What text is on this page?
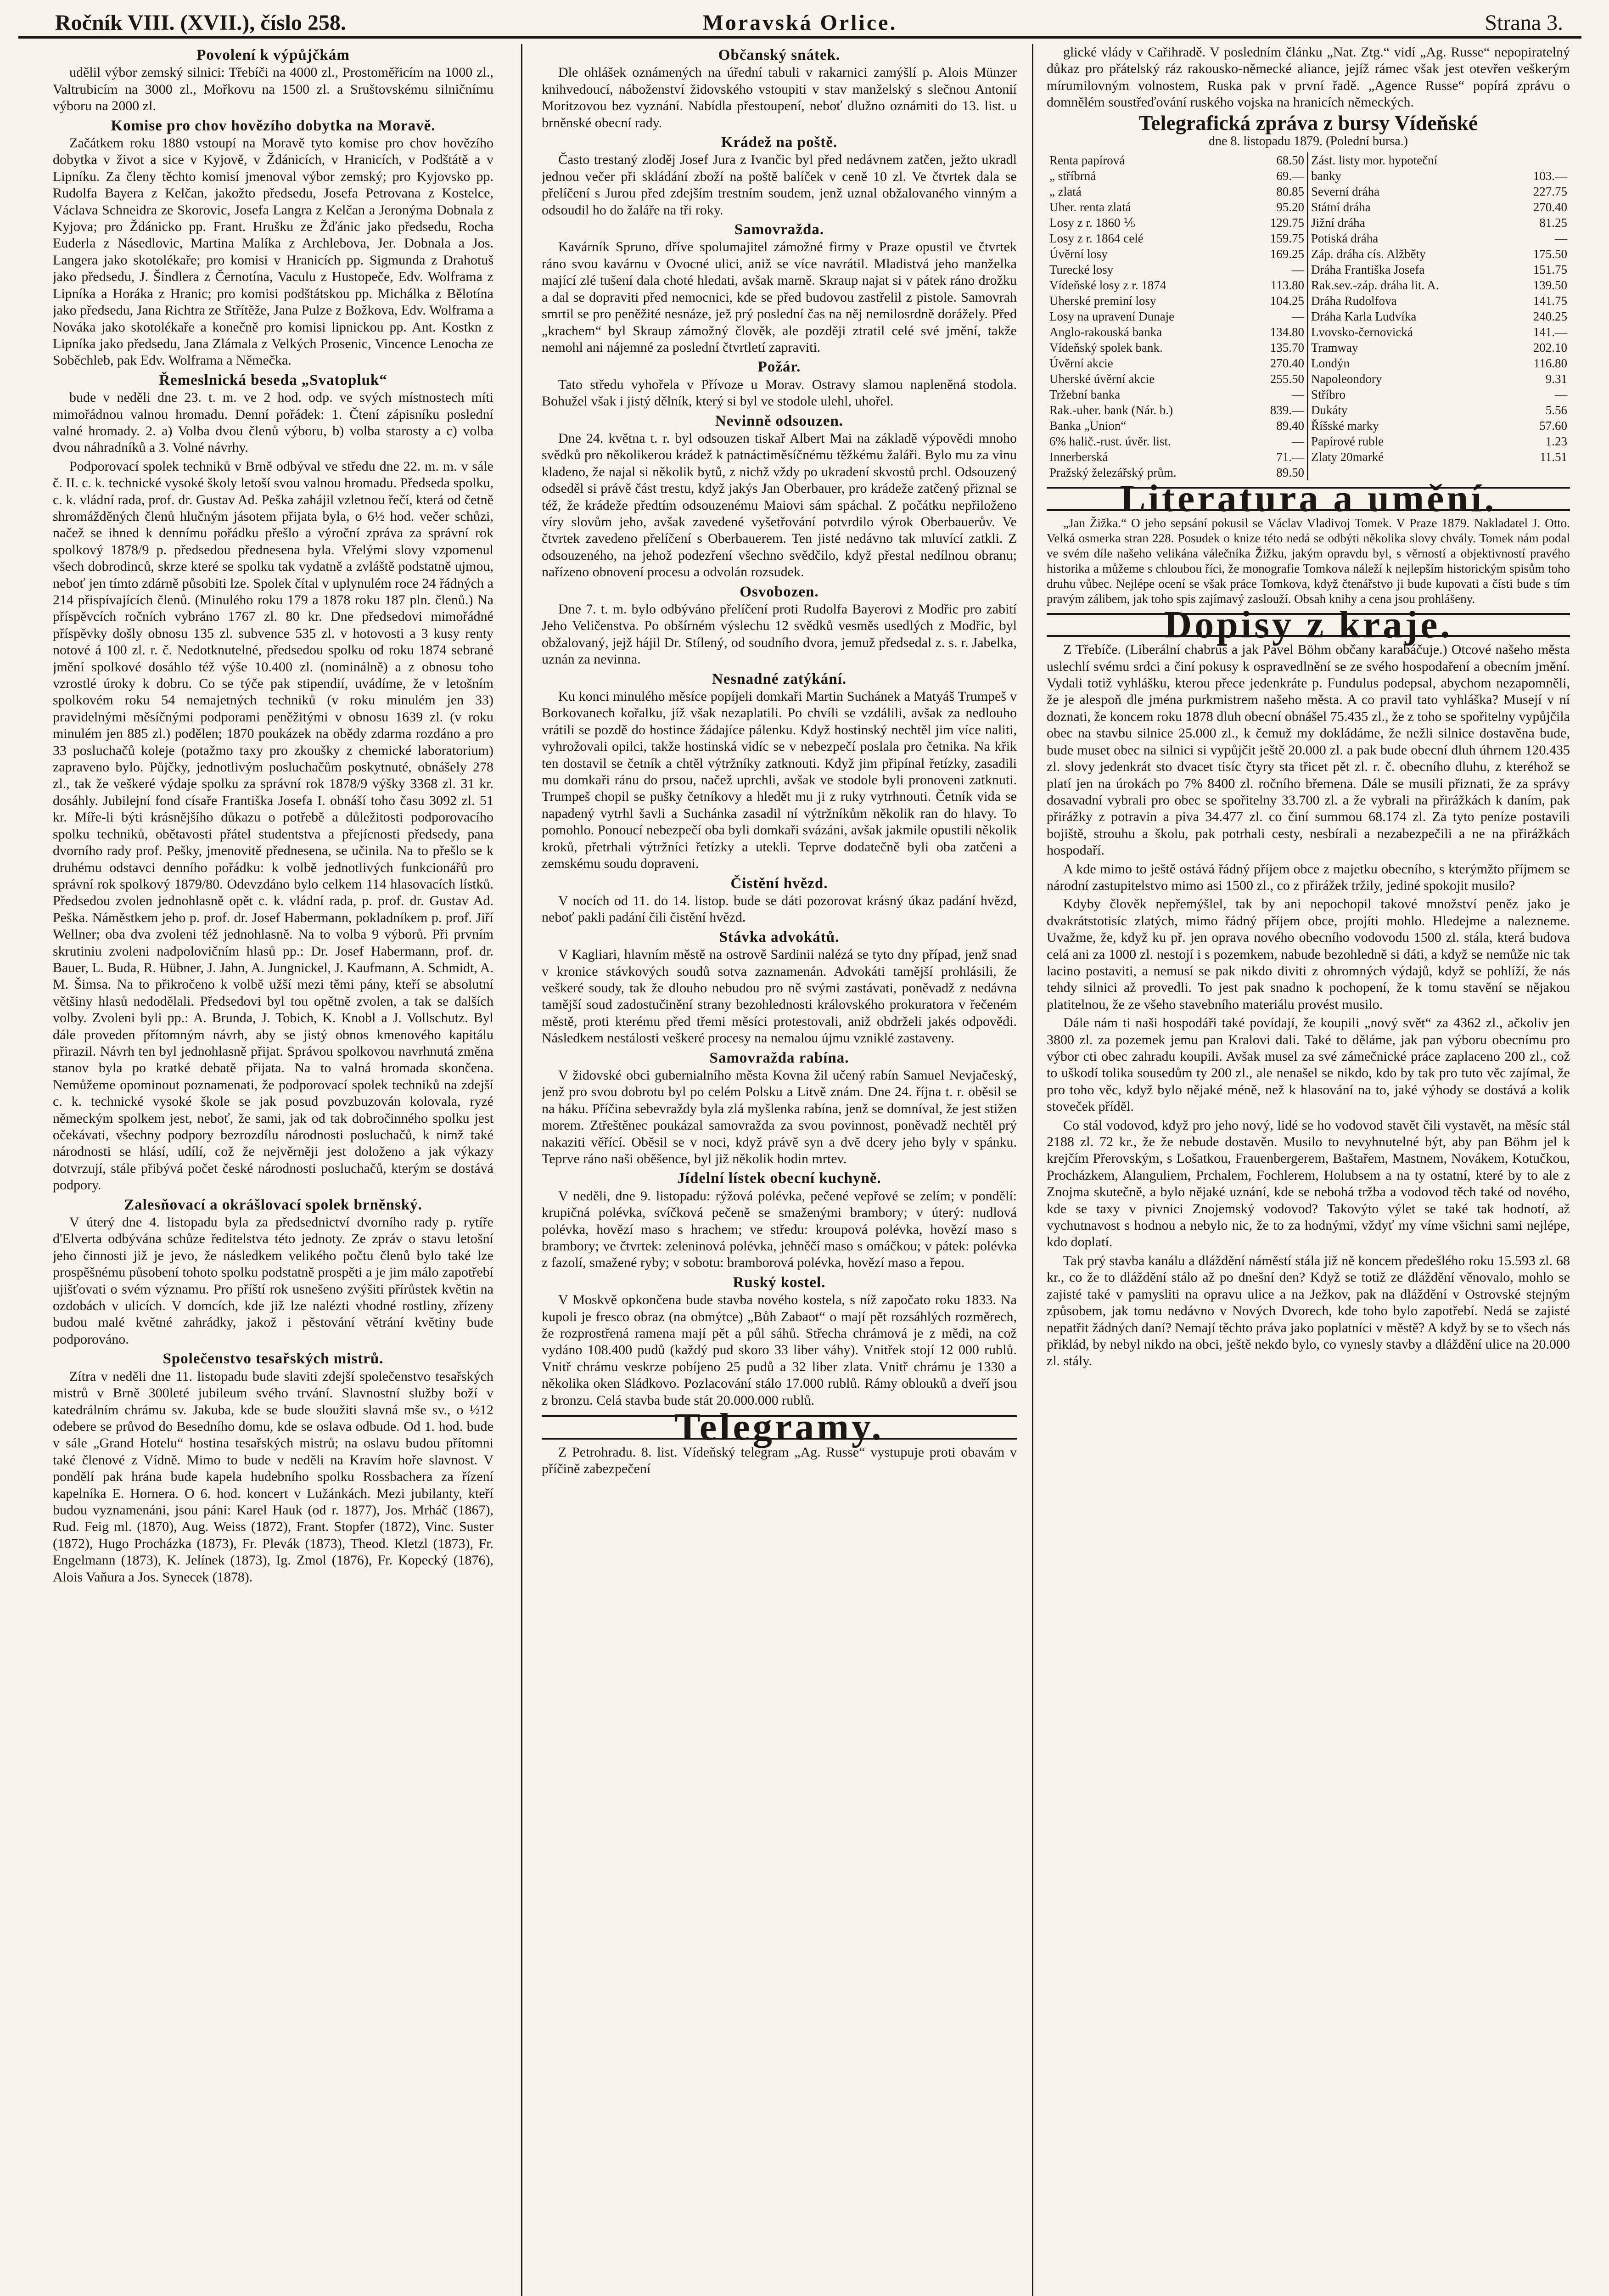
Ročník VIII. (XVII.), číslo 258.	Moravská Orlice.	Strana 3.
Povolení k výpůjčkám

udělil výbor zemský silnici: Třebíči na 4000 zl., Prostoměřicím na 1000 zl., Valtrubicím na 3000 zl., Mořkovu na 1500 zl. a Sruštovskému silničnímu výboru na 2000 zl.

Komise pro chov hovězího dobytka na Moravě.

Začátkem roku 1880 vstoupí na Moravě tyto komise pro chov hovězího dobytka v život a sice v Kyjově, v Ždánicích, v Hranicích, v Podštátě a v Lipníku. Za členy těchto komisí jmenoval výbor zemský; pro Kyjovsko pp. Rudolfa Bayera z Kelčan, jakožto předsedu, Josefa Petrovana z Kostelce, Václava Schneidra ze Skorovic, Josefa Langra z Kelčan a Jeronýma Dobnala z Kyjova; pro Ždánicko pp. Frant. Hrušku ze Žďánic jako předsedu, Rocha Euderla z Násedlovic, Martina Malíka z Archlebova, Jer. Dobnala a Jos. Langera jako skotolékaře; pro komisi v Hranicích pp. Sigmunda z Drahotuš jako předsedu, J. Šindlera z Černotína, Vaculu z Hustopeče, Edv. Wolframa z Lipníka a Horáka z Hranic; pro komisi podštátskou pp. Michálka z Bělotína jako předsedu, Jana Richtra ze Střítěže, Jana Pulze z Božkova, Edv. Wolframa a Nováka jako skotolékaře a konečně pro komisi lipnickou pp. Ant. Kostkn z Lipníka jako předsedu, Jana Zlámala z Velkých Prosenic, Vincence Lenocha ze Soběchleb, pak Edv. Wolframa a Němečka.

Řemeslnická beseda „Svatopluk“

bude v neděli dne 23. t. m. ve 2 hod. odp. ve svých místnostech míti mimořádnou valnou hromadu. Denní pořádek: 1. Čtení zápisníku poslední valné hromady. 2. a) Volba dvou členů výboru, b) volba starosty a c) volba dvou náhradníků a 3. Volné návrhy.

Podporovací spolek techniků v Brně odbýval ve středu dne 22. m. m. v sále č. II. c. k. technické vysoké školy letoší svou valnou hromadu. Předseda spolku, c. k. vládní rada, prof. dr. Gustav Ad. Peška zahájil vzletnou řečí, která od četně shromážděných členů hlučným jásotem přijata byla, o 6½ hod. večer schůzi, načež se ihned k dennímu pořádku přešlo a výroční zpráva za správní rok spolkový 1878/9 p. předsedou přednesena byla. Vřelými slovy vzpomenul všech dobrodinců, skrze které se spolku tak vydatně a zvláště podstatně ujmou, neboť jen tímto zdárně působiti lze. Spolek čítal v uplynulém roce 24 řádných a 214 přispívajících členů. (Minulého roku 179 a 1878 roku 187 pln. členů.) Na příspěvcích ročních vybráno 1767 zl. 80 kr. Dne předsedovi mimořádné příspěvky došly obnosu 135 zl. subvence 535 zl. v hotovosti a 3 kusy renty notové á 100 zl. r. č. Nedotknutelné, předsedou spolku od roku 1874 sebrané jmění spolkové dosáhlo též výše 10.400 zl. (nominálně) a z obnosu toho vzrostlé úroky k dobru. Co se týče pak stipendií, uvádíme, že v letošním spolkovém roku 54 nemajetných techniků (v roku minulém jen 33) pravidelnými měsíčnými podporami peněžitými v obnosu 1639 zl. (v roku minulém jen 885 zl.) podělen; 1870 poukázek na obědy zdarma rozdáno a pro 33 posluchačů koleje (potažmo taxy pro zkoušky z chemické laboratorium) zapraveno bylo. Půjčky, jednotlivým posluchačům poskytnuté, obnášely 278 zl., tak že veškeré výdaje spolku za správní rok 1878/9 výšky 3368 zl. 31 kr. dosáhly. Jubilejní fond císaře Františka Josefa I. obnáší toho času 3092 zl. 51 kr. Míře-li býti krásnějšího důkazu o potřebě a důležitosti podporovacího spolku techniků, obětavosti přátel studentstva a přejícnosti předsedy, pana dvorního rady prof. Pešky, jmenovitě přednesena, se učinila. Na to přešlo se k druhému odstavci denního pořádku: k volbě jednotlivých funkcionářů pro správní rok spolkový 1879/80. Odevzdáno bylo celkem 114 hlasovacích lístků. Předsedou zvolen jednohlasně opět c. k. vládní rada, p. prof. dr. Gustav Ad. Peška. Náměstkem jeho p. prof. dr. Josef Habermann, pokladníkem p. prof. Jiří Wellner; oba dva zvoleni též jednohlasně. Na to volba 9 výborů. Při prvním skrutiniu zvoleni nadpolovičním hlasů pp.: Dr. Josef Habermann, prof. dr. Bauer, L. Buda, R. Hübner, J. Jahn, A. Jungnickel, J. Kaufmann, A. Schmidt, A. M. Šimsa. Na to přikročeno k volbě užší mezi těmi pány, kteří se absolutní většiny hlasů nedodělali. Předsedovi byl tou opětně zvolen, a tak se dalších volby. Zvoleni byli pp.: A. Brunda, J. Tobich, K. Knobl a J. Vollschutz. Byl dále proveden přítomným návrh, aby se jistý obnos kmenového kapitálu přirazil. Návrh ten byl jednohlasně přijat. Správou spolkovou navrhnutá změna stanov byla po kratké debatě přijata. Na to valná hromada skončena. Nemůžeme opominout poznamenati, že podporovací spolek techniků na zdejší c. k. technické vysoké škole se jak posud povzbuzován kolovala, ryzé německým spolkem jest, neboť, že sami, jak od tak dobročinného spolku jest očekávati, všechny podpory bezrozdílu národnosti posluchačů, k nimž také národnosti se hlásí, udílí, což že nejvěrněji jest doloženo a jak výkazy dotvrzují, stále přibývá počet české národnosti posluchačů, kterým se dostává podpory.

Zalesňovací a okrášlovací spolek brněnský.

V úterý dne 4. listopadu byla za předsednictví dvorního rady p. rytíře d'Elverta odbývána schůze ředitelstva této jednoty. Ze zpráv o stavu letošní jeho činnosti již je jevo, že následkem velikého počtu členů bylo také lze prospěšnému působení tohoto spolku podstatně prospěti a je jim málo zapotřebí ujišťovati o svém významu. Pro příští rok usnešeno zvýšiti přírůstek květin na ozdobách v ulicích. V domcích, kde již lze nalézti vhodné rostliny, zřízeny budou malé květné zahrádky, jakož i pěstování větrání květiny bude podporováno.

Společenstvo tesařských mistrů.

Zítra v neděli dne 11. listopadu bude slaviti zdejší společenstvo tesařských mistrů v Brně 300leté jubileum svého trvání. Slavnostní služby boží v katedrálním chrámu sv. Jakuba, kde se bude sloužiti slavná mše sv., o ½12 odebere se průvod do Besedního domu, kde se oslava odbude. Od 1. hod. bude v sále „Grand Hotelu“ hostina tesařských mistrů; na oslavu budou přítomni také členové z Vídně. Mimo to bude v neděli na Kravím hoře slavnost. V pondělí pak hrána bude kapela hudebního spolku Rossbachera za řízení kapelníka E. Hornera. O 6. hod. koncert v Lužánkách. Mezi jubilanty, kteří budou vyznamenáni, jsou páni: Karel Hauk (od r. 1877), Jos. Mrháč (1867), Rud. Feig ml. (1870), Aug. Weiss (1872), Frant. Stopfer (1872), Vinc. Suster (1872), Hugo Procházka (1873), Fr. Plevák (1873), Theod. Kletzl (1873), Fr. Engelmann (1873), K. Jelínek (1873), Ig. Zmol (1876), Fr. Kopecký (1876), Alois Vaňura a Jos. Synecek (1878).

Občanský snátek.

Dle ohlášek oznámených na úřední tabuli v rakarnici zamýšlí p. Alois Münzer knihvedoucí, náboženství židovského vstoupiti v stav manželský s slečnou Antonií Moritzovou bez vyznání. Nabídla přestoupení, neboť dlužno oznámiti do 13. list. u brněnské obecní rady.

Krádež na poště.

Často trestaný zloděj Josef Jura z Ivančic byl před nedávnem zatčen, ježto ukradl jednou večer při skládání zboží na poště balíček v ceně 10 zl. Ve čtvrtek dala se přelíčení s Jurou před zdejším trestním soudem, jenž uznal obžalovaného vinným a odsoudil ho do žaláře na tři roky.

Samovražda.

Kavárník Spruno, dříve spolumajitel zámožné firmy v Praze opustil ve čtvrtek ráno svou kavárnu v Ovocné ulici, aniž se více navrátil. Mladistvá jeho manželka mající zlé tušení dala choté hledati, avšak marně. Skraup najat si v pátek ráno drožku a dal se dopraviti před nemocnici, kde se před budovou zastřelil z pistole. Samovrah smrtil se pro peněžité nesnáze, jež prý poslední čas na něj nemilosrdně dorážely. Před „krachem“ byl Skraup zámožný člověk, ale později ztratil celé své jmění, takže nemohl ani nájemné za poslední čtvrtletí zapraviti.

Požár.

Tato středu vyhořela v Přívoze u Morav. Ostravy slamou napleněná stodola. Bohužel však i jistý dělník, který si byl ve stodole ulehl, uhořel.

Nevinně odsouzen.

Dne 24. května t. r. byl odsouzen tiskař Albert Mai na základě výpovědi mnoho svědků pro několikerou krádež k patnáctiměsíčnému těžkému žaláři. Bylo mu za vinu kladeno, že najal si několik bytů, z nichž vždy po ukradení skvostů prchl. Odsouzený odseděl si právě část trestu, když jakýs Jan Oberbauer, pro krádeže zatčený přiznal se též, že krádeže předtím odsouzenému Maiovi sám spáchal. Z počátku nepřiloženo víry slovům jeho, avšak zavedené vyšetřování potvrdilo výrok Oberbauerův. Ve čtvrtek zavedeno přelíčení s Oberbauerem. Ten jisté nedávno tak mluvící zatkli. Z odsouzeného, na jehož podezření všechno svědčilo, když přestal nedílnou obranu; nařízeno obnovení procesu a odvolán rozsudek.

Osvobozen.

Dne 7. t. m. bylo odbýváno přelíčení proti Rudolfa Bayerovi z Modřic pro zabití Jeho Veličenstva. Po obšírném výslechu 12 svědků vesměs usedlých z Modřic, byl obžalovaný, jejž hájil Dr. Stílený, od soudního dvora, jemuž předsedal z. s. r. Jabelka, uznán za nevinna.

Nesnadné zatýkání.

Ku konci minulého měsíce popíjeli domkaři Martin Suchánek a Matyáš Trumpeš v Borkovanech kořalku, jíž však nezaplatili. Po chvíli se vzdálili, avšak za nedlouho vrátili se pozdě do hostince žádajíce pálenku. Když hostinský nechtěl jim více naliti, vyhrožovali opilci, takže hostinská vidíc se v nebezpečí poslala pro četnika. Na křik ten dostavil se četník a chtěl výtržníky zatknouti. Když jim připínal řetízky, zasadili mu domkaři ránu do prsou, načež uprchli, avšak ve stodole byli pronoveni zatknuti. Trumpeš chopil se pušky četníkovy a hledět mu ji z ruky vytrhnouti. Četník vida se napadený vytrhl šavli a Suchánka zasadil ní výtržníkům několik ran do hlavy. To pomohlo. Ponoucí nebezpečí oba byli domkaři svázáni, avšak jakmile opustili několik kroků, přetrhali výtržníci řetízky a utekli. Teprve dodatečně byli oba zatčeni a zemskému soudu dopraveni.

Čistění hvězd.

V nocích od 11. do 14. listop. bude se dáti pozorovat krásný úkaz padání hvězd, neboť pakli padání čili čistění hvězd.

Stávka advokátů.

V Kagliari, hlavním městě na ostrově Sardinii nalézá se tyto dny případ, jenž snad v kronice stávkových soudů sotva zaznamenán. Advokáti tamější prohlásili, že veškeré soudy, tak že dlouho nebudou pro ně svými zastávati, poněvadž z nedávna tamější soud zadostučinění strany bezohlednosti královského prokuratora v řečeném městě, proti kterému před třemi měsíci protestovali, aniž obdrželi jakés odpovědi. Následkem nestálosti veškeré procesy na nemalou újmu vzniklé zastaveny.

Samovražda rabína.

V židovské obci gubernialního města Kovna žil učený rabín Samuel Nevjačeský, jenž pro svou dobrotu byl po celém Polsku a Litvě znám. Dne 24. října t. r. oběsil se na háku. Příčina sebevraždy byla zlá myšlenka rabína, jenž se domníval, že jest stižen morem. Ztřeštěnec poukázal samovražda za svou povinnost, poněvadž nechtěl prý nakaziti věřící. Oběsil se v noci, když právě syn a dvě dcery jeho byly v spánku. Teprve ráno naši oběšence, byl již několik hodin mrtev.

Jídelní lístek obecní kuchyně.

V neděli, dne 9. listopadu: rýžová polévka, pečené vepřové se zelím; v pondělí: krupičná polévka, svíčková pečeně se smaženými brambory; v úterý: nudlová polévka, hovězí maso s hrachem; ve středu: kroupová polévka, hovězí maso s brambory; ve čtvrtek: zeleninová polévka, jehněčí maso s omáčkou; v pátek: polévka z fazolí, smažené ryby; v sobotu: bramborová polévka, hovězí maso a řepou.

Ruský kostel.

V Moskvě opkončena bude stavba nového kostela, s níž započato roku 1833. Na kupoli je fresco obraz (na obmýtce) „Bůh Zabaot“ o mají pět rozsáhlých rozměrech, že rozprostřená ramena mají pět a půl sáhů. Střecha chrámová je z mědi, na což vydáno 108.400 pudů (každý pud skoro 33 liber váhy). Vnitřek stojí 12 000 rublů. Vnitř chrámu veskrze pobíjeno 25 pudů a 32 liber zlata. Vnitř chrámu je 1330 a několika oken Sládkovo. Pozlacování stálo 17.000 rublů. Rámy oblouků a dveří jsou z bronzu. Celá stavba bude stát 20.000.000 rublů.

Telegramy.

Z Petrohradu. 8. list. Vídeňský telegram „Ag. Russe“ vystupuje proti obavám v příčině zabezpečení

glické vlády v Cařihradě. V posledním článku „Nat. Ztg.“ vidí „Ag. Russe“ nepopiratelný důkaz pro přátelský ráz rakousko-německé aliance, jejíž rámec však jest otevřen veškerým mírumilovným volnostem, Ruska pak v první řadě. „Agence Russe“ popírá zprávu o domnělém soustřeďování ruského vojska na hranicích německých.

Telegrafická zpráva z bursy Vídeňské
dne 8. listopadu 1879. (Polední bursa.)
Renta papírová	68.50	Zást. listy mor. hypoteční	
„ stříbrná	69.—	banky	103.—
„ zlatá	80.85	Severní dráha	227.75
Uher. renta zlatá	95.20	Státní dráha	270.40
Losy z r. 1860 ⅕	129.75	Jižní dráha	81.25
Losy z r. 1864 celé	159.75	Potiská dráha	—
Úvěrní losy	169.25	Záp. dráha cís. Alžběty	175.50
Turecké losy	—	Dráha Františka Josefa	151.75
Vídeňské losy z r. 1874	113.80	Rak.sev.-záp. dráha lit. A.	139.50
Uherské preminí losy	104.25	Dráha Rudolfova	141.75
Losy na upravení Dunaje	—	Dráha Karla Ludvíka	240.25
Anglo-rakouská banka	134.80	Lvovsko-černovická	141.—
Vídeňský spolek bank.	135.70	Tramway	202.10
Úvěrní akcie	270.40	Londýn	116.80
Uherské úvěrní akcie	255.50	Napoleondory	9.31
Tržební banka	—	Stříbro	—
Rak.-uher. bank (Nár. b.)	839.—	Dukáty	5.56
Banka „Union“	89.40	Říšské marky	57.60
6% halič.-rust. úvěr. list.	—	Papírové ruble	1.23
Innerberská	71.—	Zlaty 20marké	11.51
Pražský železářský prům.	89.50		
Literatura a umění.

„Jan Žižka.“ O jeho sepsání pokusil se Václav Vladivoj Tomek. V Praze 1879. Nakladatel J. Otto. Velká osmerka stran 228. Posudek o knize této nedá se odbýti několika slovy chvály. Tomek nám podal ve svém díle našeho velikána válečníka Žižku, jakým opravdu byl, s věrností a objektivností pravého historika a můžeme s chloubou říci, že monografie Tomkova náleží k nejlepším historickým spisům toho druhu vůbec. Nejlépe ocení se však práce Tomkova, když čtenářstvo ji bude kupovati a čísti bude s tím pravým zálibem, jak toho spis zajímavý zaslouží. Obsah knihy a cena jsou prohlášeny.

Dopisy z kraje.

Z Třebíče. (Liberální chabrus a jak Pavel Böhm občany karabáčuje.) Otcové našeho města uslechlí svému srdci a činí pokusy k ospravedlnění se ze svého hospodaření a obecním jmění. Vydali totiž vyhlášku, kterou přece jedenkráte p. Fundulus podepsal, abychom nezapomněli, že je alespoň dle jména purkmistrem našeho města. A co pravil tato vyhláška? Musejí v ní doznati, že koncem roku 1878 dluh obecní obnášel 75.435 zl., že z toho se spořitelny vypůjčila obec na stavbu silnice 25.000 zl., k čemuž my dokládáme, že nežli silnice dostavěna bude, bude muset obec na silnici si vypůjčit ještě 20.000 zl. a pak bude obecní dluh úhrnem 120.435 zl. slovy jedenkrát sto dvacet tisíc čtyry sta třicet pět zl. r. č. obecního dluhu, z kteréhož se platí jen na úrokách po 7% 8400 zl. ročního břemena. Dále se musili přiznati, že za správy dosavadní vybrali pro obec se spořitelny 33.700 zl. a že vybrali na přirážkách k daním, pak přirážky z potravin a piva 34.477 zl. co činí summou 68.174 zl. Za tyto peníze postavili bojiště, strouhu a školu, pak potrhali cesty, nesbírali a nezabezpečili a ne na přirážkách hospodaří.

A kde mimo to ještě ostává řádný příjem obce z majetku obecního, s kterýmžto příjmem se národní zastupitelstvo mimo asi 1500 zl., co z přirážek tržily, jediné spokojit musilo?

Kdyby člověk nepřemýšlel, tak by ani nepochopil takové množství peněz jako je dvakrátstotisíc zlatých, mimo řádný příjem obce, projíti mohlo. Hledejme a nalezneme. Uvažme, že, když ku př. jen oprava nového obecního vodovodu 1500 zl. stála, která budova celá ani za 1000 zl. nestojí i s pozemkem, nabude bezohledně si dáti, a když se nemůže nic tak lacino postaviti, a nemusí se pak nikdo diviti z ohromných výdajů, když se pohlíží, že nás tehdy silnici až provedli. To jest pak snadno k pochopení, že k tomu stavění se nějakou platitelnou, že ze všeho stavebního materiálu provést musilo.

Dále nám ti naši hospodáři také povídají, že koupili „nový svět“ za 4362 zl., ačkoliv jen 3800 zl. za pozemek jemu pan Kralovi dali. Také to děláme, jak pan výboru obecnímu pro výbor cti obec zahradu koupili. Avšak musel za své zámečnické práce zaplaceno 200 zl., což to uškodí tolika sousedům ty 200 zl., ale nenašel se nikdo, kdo by tak pro tuto věc zajímal, že pro toho věc, když bylo nějaké méně, než k hlasování na to, jaké výhody se dostává a kolik stoveček příděl.

Co stál vodovod, když pro jeho nový, lidé se ho vodovod stavět čili vystavět, na měsíc stál 2188 zl. 72 kr., že že nebude dostavěn. Musilo to nevyhnutelné být, aby pan Böhm jel k krejčím Přerovským, s Lošatkou, Frauenbergerem, Baštařem, Mastnem, Novákem, Kotučkou, Procházkem, Alanguliem, Prchalem, Fochlerem, Holubsem a na ty ostatní, které by to ale z Znojma skutečně, a bylo nějaké uznání, kde se nebohá tržba a vodovod těch také od nového, kde se taxy v pivnici Znojemský vodovod? Takovýto výlet se také tak hodnotí, až vychutnavost s hodnou a nebylo nic, že to za hodnými, vždyť my víme všichni sami nejlépe, kdo doplatí.

Tak prý stavba kanálu a dláždění náměstí stála již ně koncem předešlého roku 15.593 zl. 68 kr., co že to dláždění stálo až po dnešní den? Když se totiž ze dláždění věnovalo, mohlo se zajisté také v pamysliti na opravu ulice a na Ježkov, pak na dláždění v Ostrovské stejným způsobem, jak tomu nedávno v Nových Dvorech, kde toho bylo zapotřebí. Nedá se zajisté nepatřit žádných daní? Nemají těchto práva jako poplatníci v městě? A když by se to všech nás přiklád, by nebyl nikdo na obci, ještě nekdo bylo, co vynesly stavby a dláždění ulice na 20.000 zl. stály.
